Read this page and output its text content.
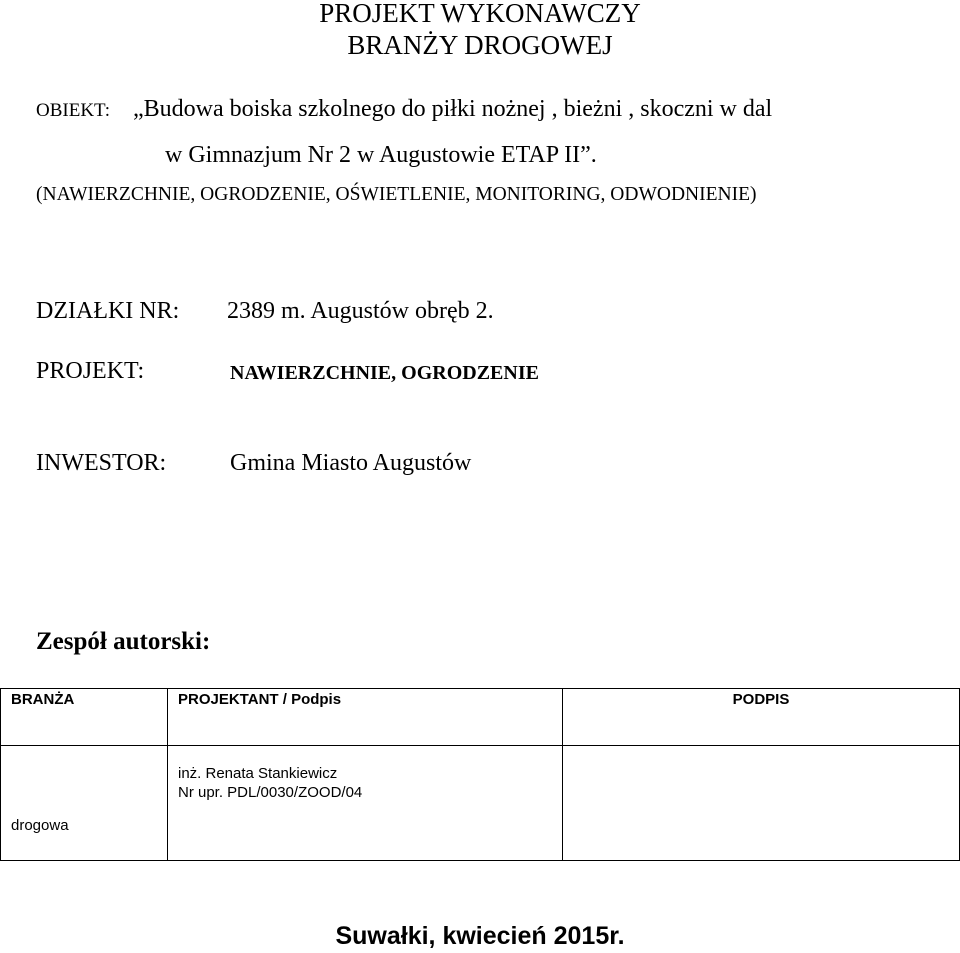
PROJEKT WYKONAWCZY
BRANŻY DROGOWEJ
OBIEKT: „Budowa boiska szkolnego do piłki nożnej , bieżni , skoczni w dal
w Gimnazjum Nr 2 w Augustowie ETAP II”.
(NAWIERZCHNIE, OGRODZENIE, OŚWIETLENIE, MONITORING, ODWODNIENIE)
DZIAŁKI NR: 2389 m. Augustów obręb 2.
PROJEKT:	NAWIERZCHNIE, OGRODZENIE
INWESTOR:	Gmina Miasto Augustów
Zespół autorski:
BRANŻA	PROJEKTANT / Podpis	PODPIS
drogowa	inż. Renata Stankiewicz
Nr upr. PDL/0030/ZOOD/04	

Suwałki, kwiecień 2015r.
